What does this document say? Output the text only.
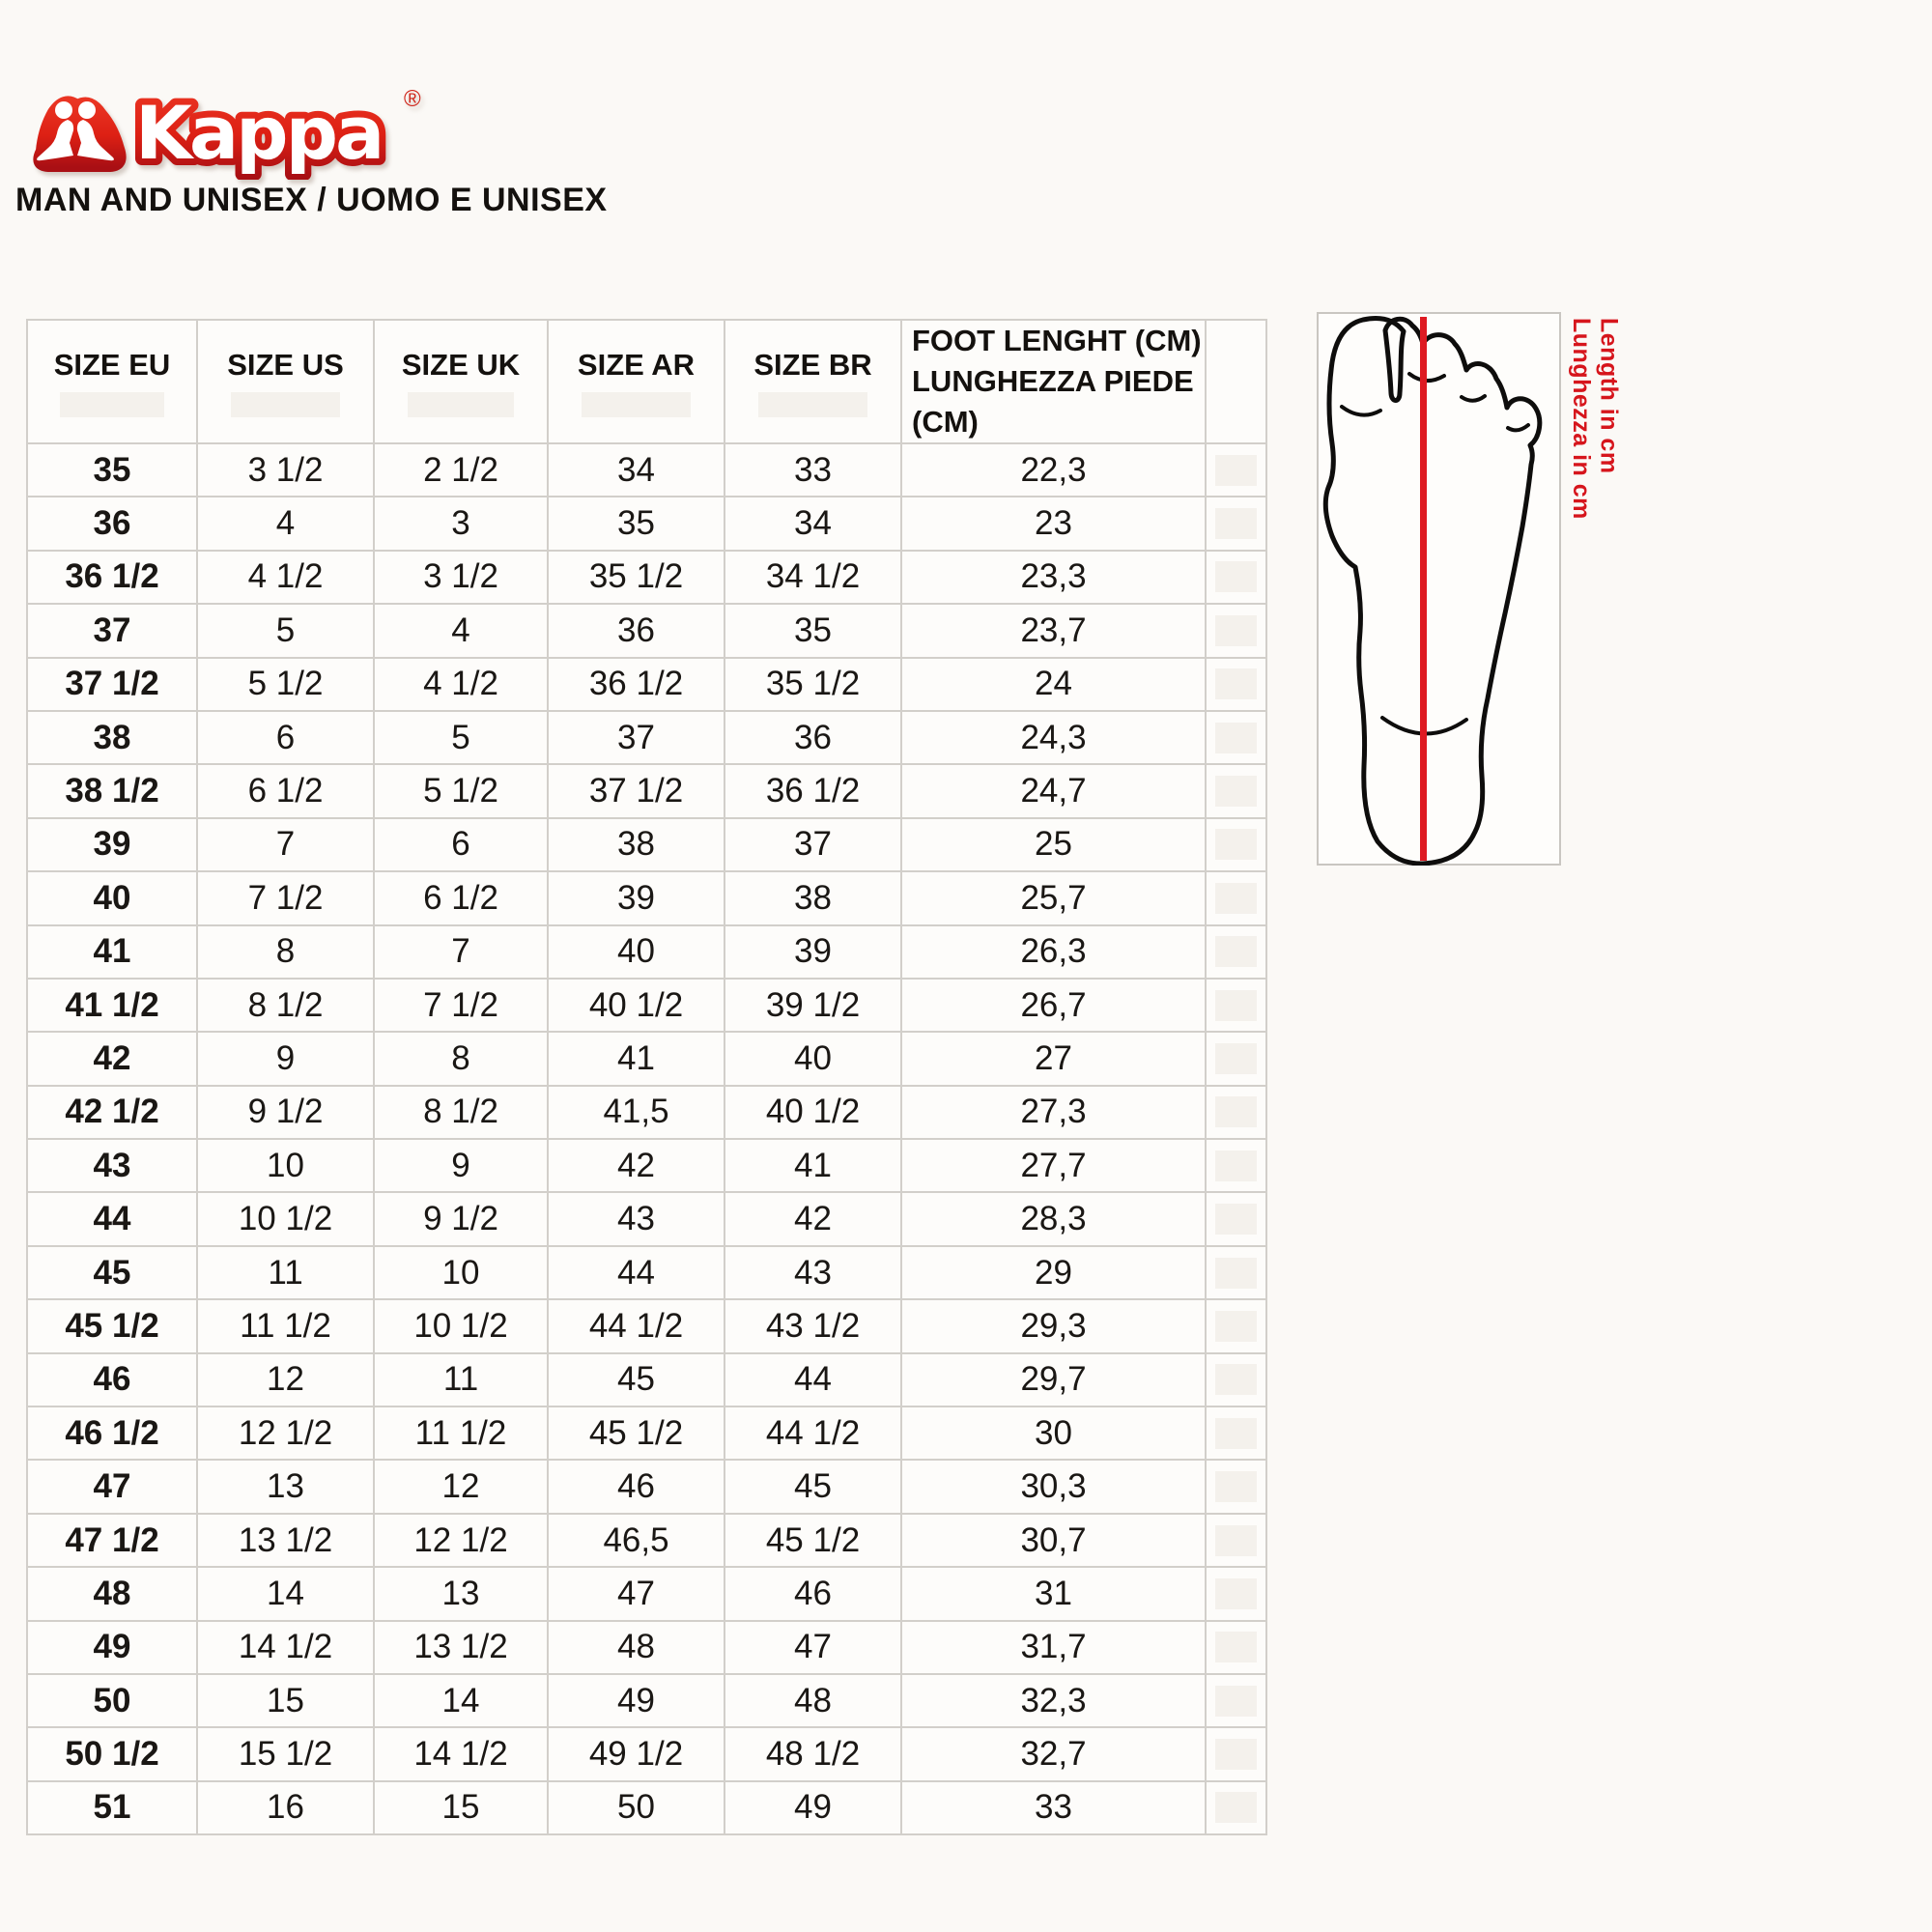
Kappa ®
MAN AND UNISEX / UOMO E UNISEX
SIZE EU	SIZE US	SIZE UK	SIZE AR	SIZE BR	FOOT LENGHT (CM)
LUNGHEZZA PIEDE (CM)	

35	3 1/2	2 1/2	34	33	22,3	

36	4	3	35	34	23	

36 1/2	4 1/2	3 1/2	35 1/2	34 1/2	23,3	

37	5	4	36	35	23,7	

37 1/2	5 1/2	4 1/2	36 1/2	35 1/2	24	

38	6	5	37	36	24,3	

38 1/2	6 1/2	5 1/2	37 1/2	36 1/2	24,7	

39	7	6	38	37	25	

40	7 1/2	6 1/2	39	38	25,7	

41	8	7	40	39	26,3	

41 1/2	8 1/2	7 1/2	40 1/2	39 1/2	26,7	

42	9	8	41	40	27	

42 1/2	9 1/2	8 1/2	41,5	40 1/2	27,3	

43	10	9	42	41	27,7	

44	10 1/2	9 1/2	43	42	28,3	

45	11	10	44	43	29	

45 1/2	11 1/2	10 1/2	44 1/2	43 1/2	29,3	

46	12	11	45	44	29,7	

46 1/2	12 1/2	11 1/2	45 1/2	44 1/2	30	

47	13	12	46	45	30,3	

47 1/2	13 1/2	12 1/2	46,5	45 1/2	30,7	

48	14	13	47	46	31	

49	14 1/2	13 1/2	48	47	31,7	

50	15	14	49	48	32,3	

50 1/2	15 1/2	14 1/2	49 1/2	48 1/2	32,7	

51	16	15	50	49	33	
Length in cm
Lunghezza in cm
